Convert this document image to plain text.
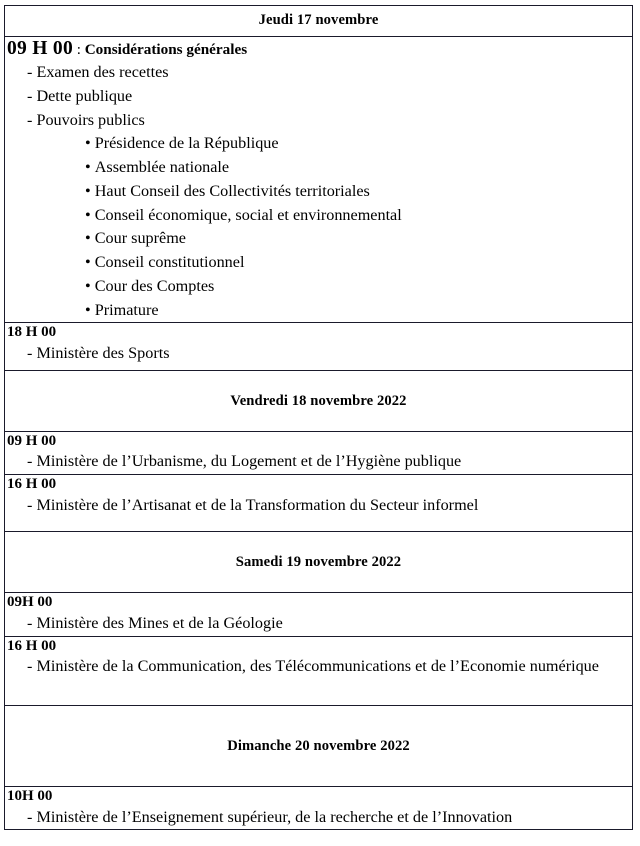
Jeudi 17 novembre

09 H 00 : Considérations générales
- Examen des recettes
- Dette publique
- Pouvoirs publics
• Présidence de la République
• Assemblée nationale
• Haut Conseil des Collectivités territoriales
• Conseil économique, social et environnemental
• Cour suprême
• Conseil constitutionnel
• Cour des Comptes
• Primature

18 H 00
- Ministère des Sports

Vendredi 18 novembre 2022

09 H 00
- Ministère de l’Urbanisme, du Logement et de l’Hygiène publique

16 H 00
- Ministère de l’Artisanat et de la Transformation du Secteur informel

Samedi 19 novembre 2022

09H 00
- Ministère des Mines et de la Géologie

16 H 00
- Ministère de la Communication, des Télécommunications et de l’Economie numérique

Dimanche 20 novembre 2022

10H 00
- Ministère de l’Enseignement supérieur, de la recherche et de l’Innovation
